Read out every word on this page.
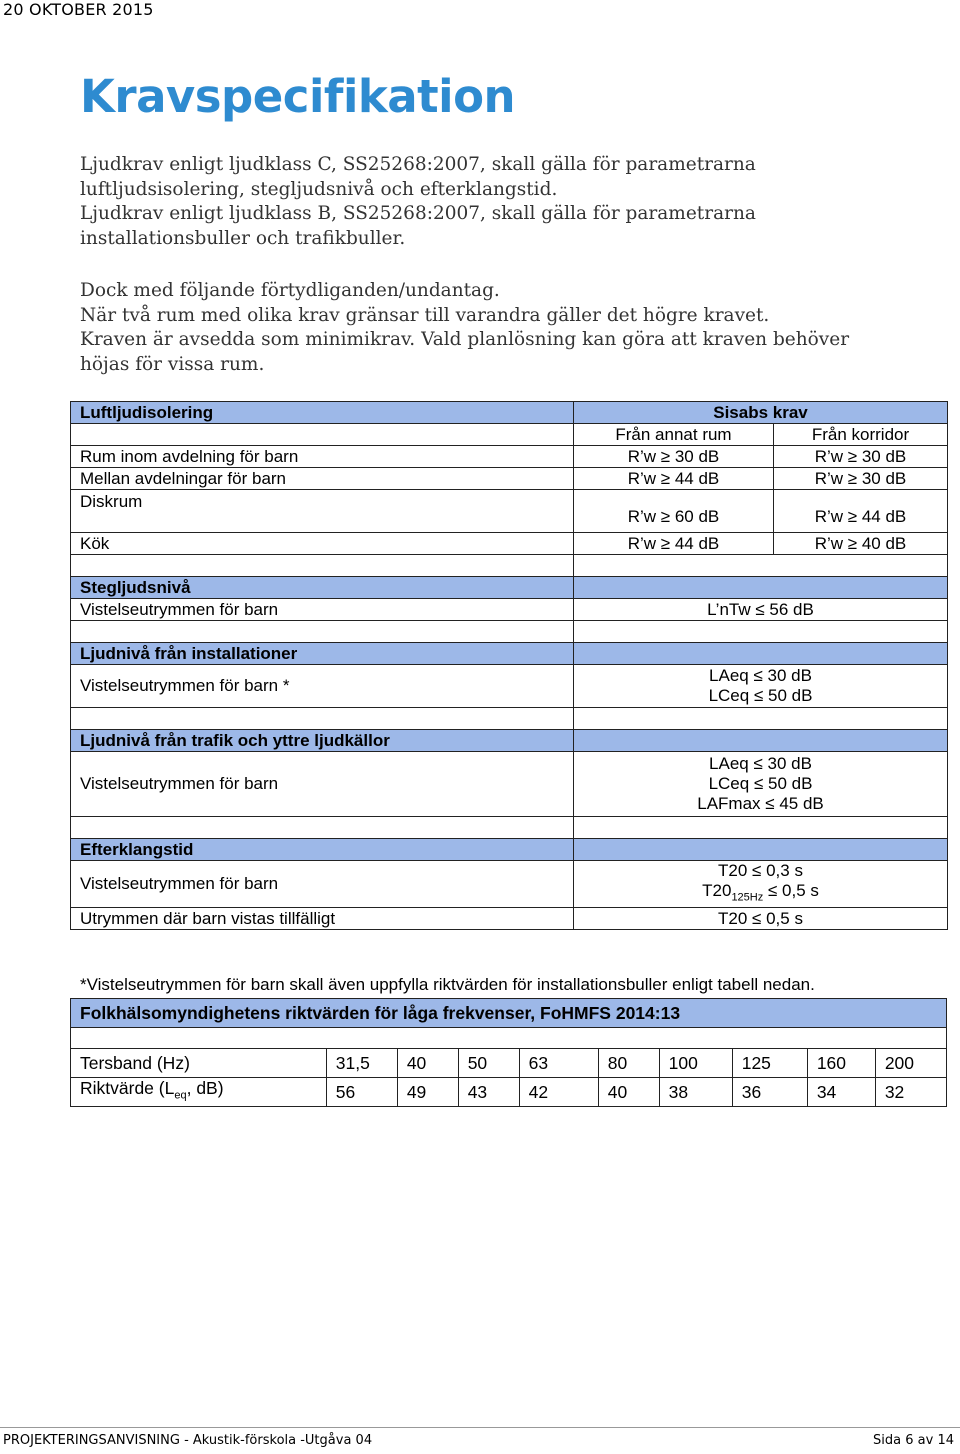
20 OKTOBER 2015
Kravspecifikation

Ljudkrav enligt ljudklass C, SS25268:2007, skall gälla för parametrarna

luftljudsisolering, stegljudsnivå och efterklangstid.

Ljudkrav enligt ljudklass B, SS25268:2007, skall gälla för parametrarna

installationsbuller och trafikbuller.

Dock med följande förtydliganden/undantag.

När två rum med olika krav gränsar till varandra gäller det högre kravet.

Kraven är avsedda som minimikrav. Vald planlösning kan göra att kraven behöver

höjas för vissa rum.

Luftljudisolering	Sisabs krav	
	Från annat rum	Från korridor
Rum inom avdelning för barn	R’w ≥ 30 dB	R’w ≥ 30 dB
Mellan avdelningar för barn	R’w ≥ 44 dB	R’w ≥ 30 dB
Diskrum	R’w ≥ 60 dB	R’w ≥ 44 dB
Kök	R’w ≥ 44 dB	R’w ≥ 40 dB

Stegljudsnivå		
Vistelseutrymmen för barn	L’nTw ≤ 56 dB	

Ljudnivå från installationer		
Vistelseutrymmen för barn *	LAeq ≤ 30 dB
LCeq ≤ 50 dB	

Ljudnivå från trafik och yttre ljudkällor		
Vistelseutrymmen för barn	LAeq ≤ 30 dB
LCeq ≤ 50 dB
LAFmax ≤ 45 dB	

Efterklangstid		
Vistelseutrymmen för barn	T20 ≤ 0,3 s
$T20_{125Hz} \le 0,5$ s	

Utrymmen där barn vistas tillfälligt	T20 ≤ 0,5 s	
*Vistelseutrymmen för barn skall även uppfylla riktvärden för installationsbuller enligt tabell nedan.
Folkhälsomyndighetens riktvärden för låga frekvenser, FoHMFS 2014:13									

Tersband (Hz)	31,5	40	50	63	80	100	125	160	200
Riktvärde ($L_{eq}$, dB)	56	49	43	42	40	38	36	34	32
PROJEKTERINGSANVISNING - Akustik-förskola -Utgåva 04	Sida 6 av 14
